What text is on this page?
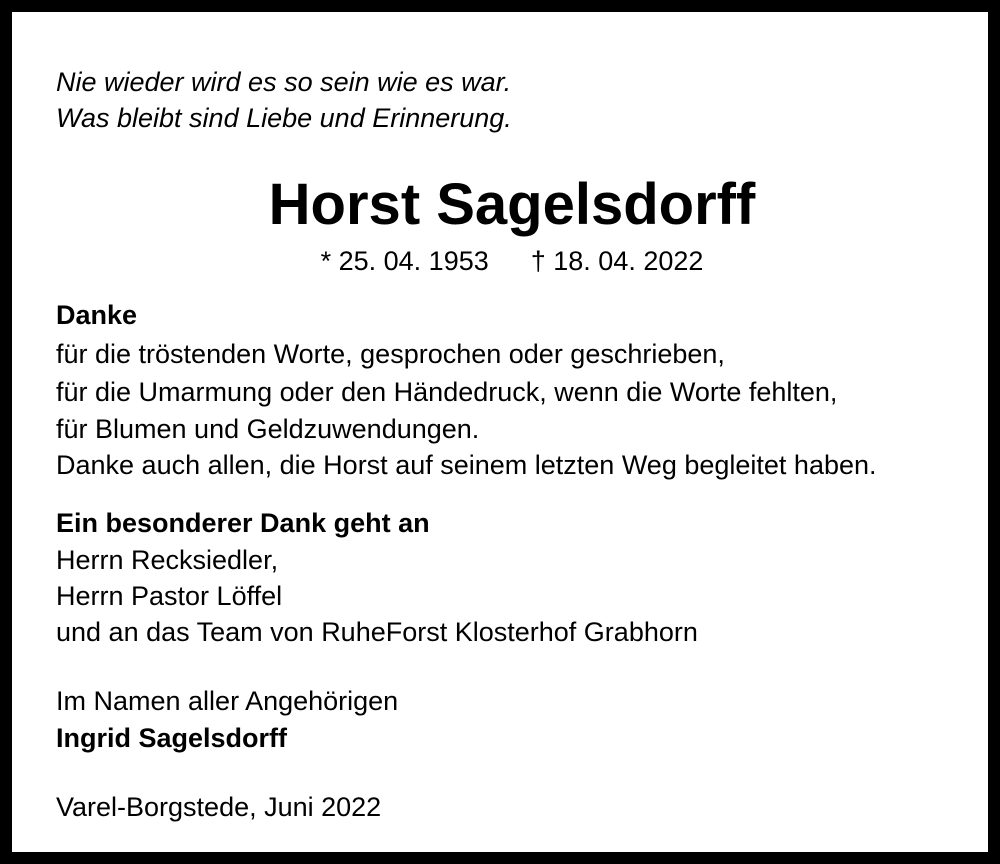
Nie wieder wird es so sein wie es war.
Was bleibt sind Liebe und Erinnerung.
Horst Sagelsdorff
* 25. 04. 1953 † 18. 04. 2022
Danke
für die tröstenden Worte, gesprochen oder geschrieben,
für die Umarmung oder den Händedruck, wenn die Worte fehlten,
für Blumen und Geldzuwendungen.
Danke auch allen, die Horst auf seinem letzten Weg begleitet haben.
Ein besonderer Dank geht an
Herrn Recksiedler,
Herrn Pastor Löffel
und an das Team von RuheForst Klosterhof Grabhorn
Im Namen aller Angehörigen
Ingrid Sagelsdorff
Varel-Borgstede, Juni 2022
